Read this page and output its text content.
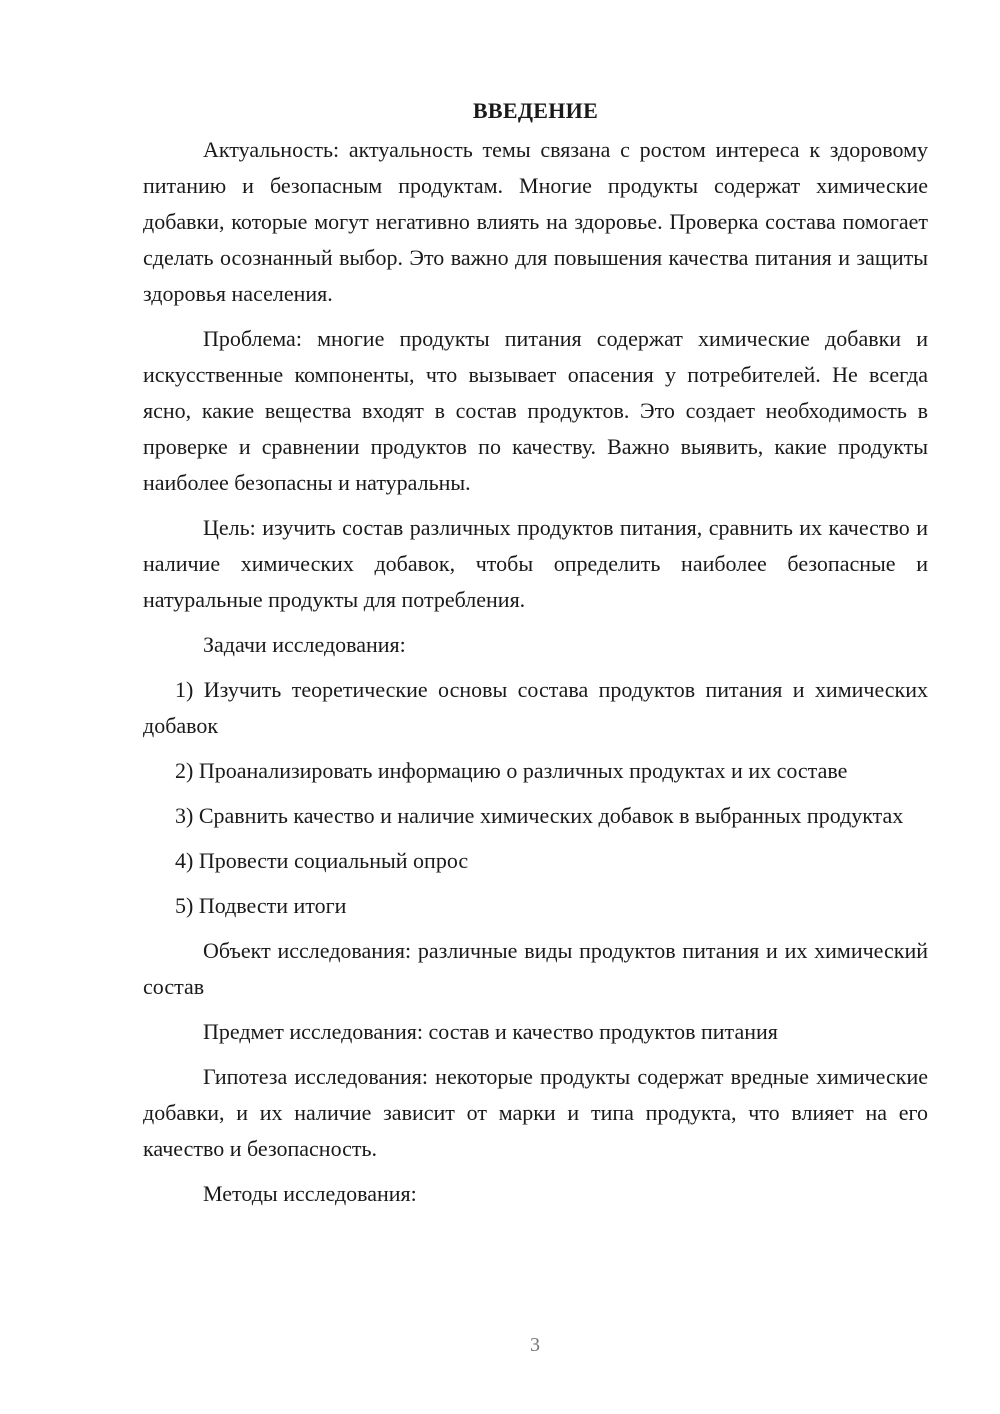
ВВЕДЕНИЕ

Актуальность: актуальность темы связана с ростом интереса к здоровому питанию и безопасным продуктам. Многие продукты содержат химические добавки, которые могут негативно влиять на здоровье. Проверка состава помогает сделать осознанный выбор. Это важно для повышения качества питания и защиты здоровья населения.

Проблема: многие продукты питания содержат химические добавки и искусственные компоненты, что вызывает опасения у потребителей. Не всегда ясно, какие вещества входят в состав продуктов. Это создает необходимость в проверке и сравнении продуктов по качеству. Важно выявить, какие продукты наиболее безопасны и натуральны.

Цель: изучить состав различных продуктов питания, сравнить их качество и наличие химических добавок, чтобы определить наиболее безопасные и натуральные продукты для потребления.

Задачи исследования:

1) Изучить теоретические основы состава продуктов питания и химических добавок

2) Проанализировать информацию о различных продуктах и их составе

3) Сравнить качество и наличие химических добавок в выбранных продуктах

4) Провести социальный опрос

5) Подвести итоги

Объект исследования: различные виды продуктов питания и их химический состав

Предмет исследования: состав и качество продуктов питания

Гипотеза исследования: некоторые продукты содержат вредные химические добавки, и их наличие зависит от марки и типа продукта, что влияет на его качество и безопасность.

Методы исследования:

3
